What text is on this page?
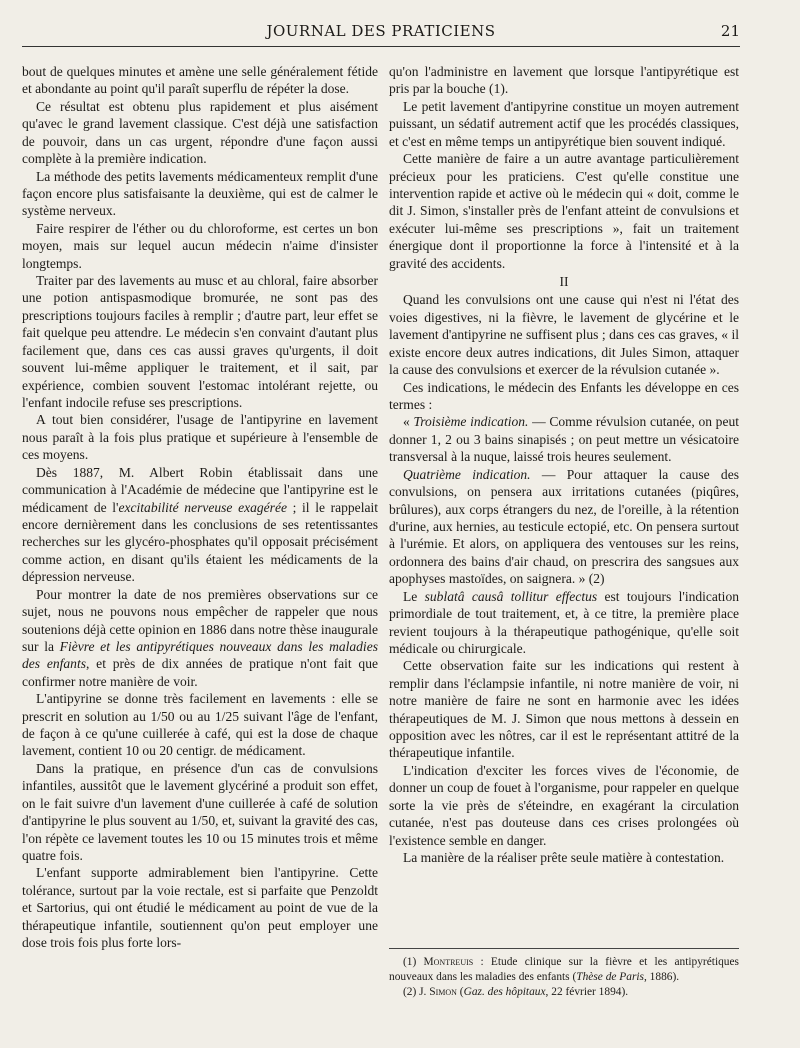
JOURNAL DES PRATICIENS	21

bout de quelques minutes et amène une selle généralement fétide et abondante au point qu'il paraît superflu de répéter la dose.

Ce résultat est obtenu plus rapidement et plus aisément qu'avec le grand lavement classique. C'est déjà une satisfaction de pouvoir, dans un cas urgent, répondre d'une façon aussi complète à la première indication.

La méthode des petits lavements médicamenteux remplit d'une façon encore plus satisfaisante la deuxième, qui est de calmer le système nerveux.

Faire respirer de l'éther ou du chloroforme, est certes un bon moyen, mais sur lequel aucun médecin n'aime d'insister longtemps.

Traiter par des lavements au musc et au chloral, faire absorber une potion antispasmodique bromurée, ne sont pas des prescriptions toujours faciles à remplir ; d'autre part, leur effet se fait quelque peu attendre. Le médecin s'en convaint d'autant plus facilement que, dans ces cas aussi graves qu'urgents, il doit souvent lui-même appliquer le traitement, et il sait, par expérience, combien souvent l'estomac intolérant rejette, ou l'enfant indocile refuse ses prescriptions.

A tout bien considérer, l'usage de l'antipyrine en lavement nous paraît à la fois plus pratique et supérieure à l'ensemble de ces moyens.

Dès 1887, M. Albert Robin établissait dans une communication à l'Académie de médecine que l'antipyrine est le médicament de l'excitabilité nerveuse exagérée ; il le rappelait encore dernièrement dans les conclusions de ses retentissantes recherches sur les glycéro-phosphates qu'il opposait précisément comme action, en disant qu'ils étaient les médicaments de la dépression nerveuse.

Pour montrer la date de nos premières observations sur ce sujet, nous ne pouvons nous empêcher de rappeler que nous soutenions déjà cette opinion en 1886 dans notre thèse inaugurale sur la Fièvre et les antipyrétiques nouveaux dans les maladies des enfants, et près de dix années de pratique n'ont fait que confirmer notre manière de voir.

L'antipyrine se donne très facilement en lavements : elle se prescrit en solution au 1/50 ou au 1/25 suivant l'âge de l'enfant, de façon à ce qu'une cuillerée à café, qui est la dose de chaque lavement, contient 10 ou 20 centigr. de médicament.

Dans la pratique, en présence d'un cas de convulsions infantiles, aussitôt que le lavement glycériné a produit son effet, on le fait suivre d'un lavement d'une cuillerée à café de solution d'antipyrine le plus souvent au 1/50, et, suivant la gravité des cas, l'on répète ce lavement toutes les 10 ou 15 minutes trois et même quatre fois.

L'enfant supporte admirablement bien l'antipyrine. Cette tolérance, surtout par la voie rectale, est si parfaite que Penzoldt et Sartorius, qui ont étudié le médicament au point de vue de la thérapeutique infantile, soutiennent qu'on peut employer une dose trois fois plus forte lors-

qu'on l'administre en lavement que lorsque l'antipyrétique est pris par la bouche (1).

Le petit lavement d'antipyrine constitue un moyen autrement puissant, un sédatif autrement actif que les procédés classiques, et c'est en même temps un antipyrétique bien souvent indiqué.

Cette manière de faire a un autre avantage particulièrement précieux pour les praticiens. C'est qu'elle constitue une intervention rapide et active où le médecin qui « doit, comme le dit J. Simon, s'installer près de l'enfant atteint de convulsions et exécuter lui-même ses prescriptions », fait un traitement énergique dont il proportionne la force à l'intensité et à la gravité des accidents.

II

Quand les convulsions ont une cause qui n'est ni l'état des voies digestives, ni la fièvre, le lavement de glycérine et le lavement d'antipyrine ne suffisent plus ; dans ces cas graves, « il existe encore deux autres indications, dit Jules Simon, attaquer la cause des convulsions et exercer de la révulsion cutanée ».

Ces indications, le médecin des Enfants les développe en ces termes :

« Troisième indication. — Comme révulsion cutanée, on peut donner 1, 2 ou 3 bains sinapisés ; on peut mettre un vésicatoire transversal à la nuque, laissé trois heures seulement.

Quatrième indication. — Pour attaquer la cause des convulsions, on pensera aux irritations cutanées (piqûres, brûlures), aux corps étrangers du nez, de l'oreille, à la rétention d'urine, aux hernies, au testicule ectopié, etc. On pensera surtout à l'urémie. Et alors, on appliquera des ventouses sur les reins, ordonnera des bains d'air chaud, on prescrira des sangsues aux apophyses mastoïdes, on saignera. » (2)

Le sublatâ causâ tollitur effectus est toujours l'indication primordiale de tout traitement, et, à ce titre, la première place revient toujours à la thérapeutique pathogénique, qu'elle soit médicale ou chirurgicale.

Cette observation faite sur les indications qui restent à remplir dans l'éclampsie infantile, ni notre manière de voir, ni notre manière de faire ne sont en harmonie avec les idées thérapeutiques de M. J. Simon que nous mettons à dessein en opposition avec les nôtres, car il est le représentant attitré de la thérapeutique infantile.

L'indication d'exciter les forces vives de l'économie, de donner un coup de fouet à l'organisme, pour rappeler en quelque sorte la vie près de s'éteindre, en exagérant la circulation cutanée, n'est pas douteuse dans ces crises prolongées où l'existence semble en danger.

La manière de la réaliser prête seule matière à contestation.

(1) Montreuis : Etude clinique sur la fièvre et les antipyrétiques nouveaux dans les maladies des enfants (Thèse de Paris, 1886).

(2) J. Simon (Gaz. des hôpitaux, 22 février 1894).
